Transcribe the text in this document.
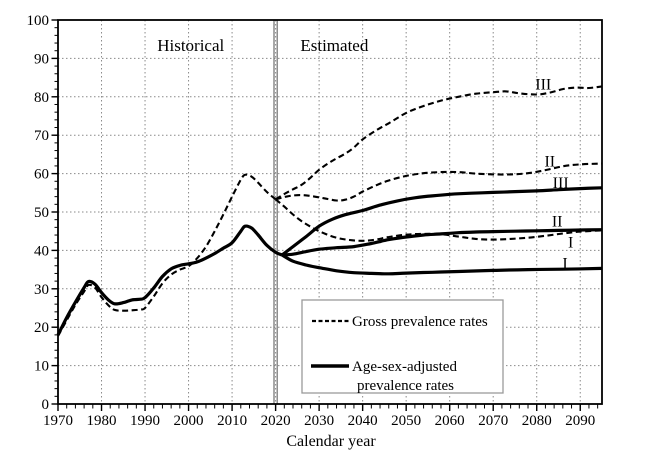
1970 1980 1990 2000 2010 2020 2030 2040 2050 2060 2070 2080 2090
0
10
20
30
40
50
60
70
80
90
100
III
II
III
II
I
I
Historical	Estimated
Calendar year
Gross prevalence rates
Age-sex-adjusted
prevalence rates
